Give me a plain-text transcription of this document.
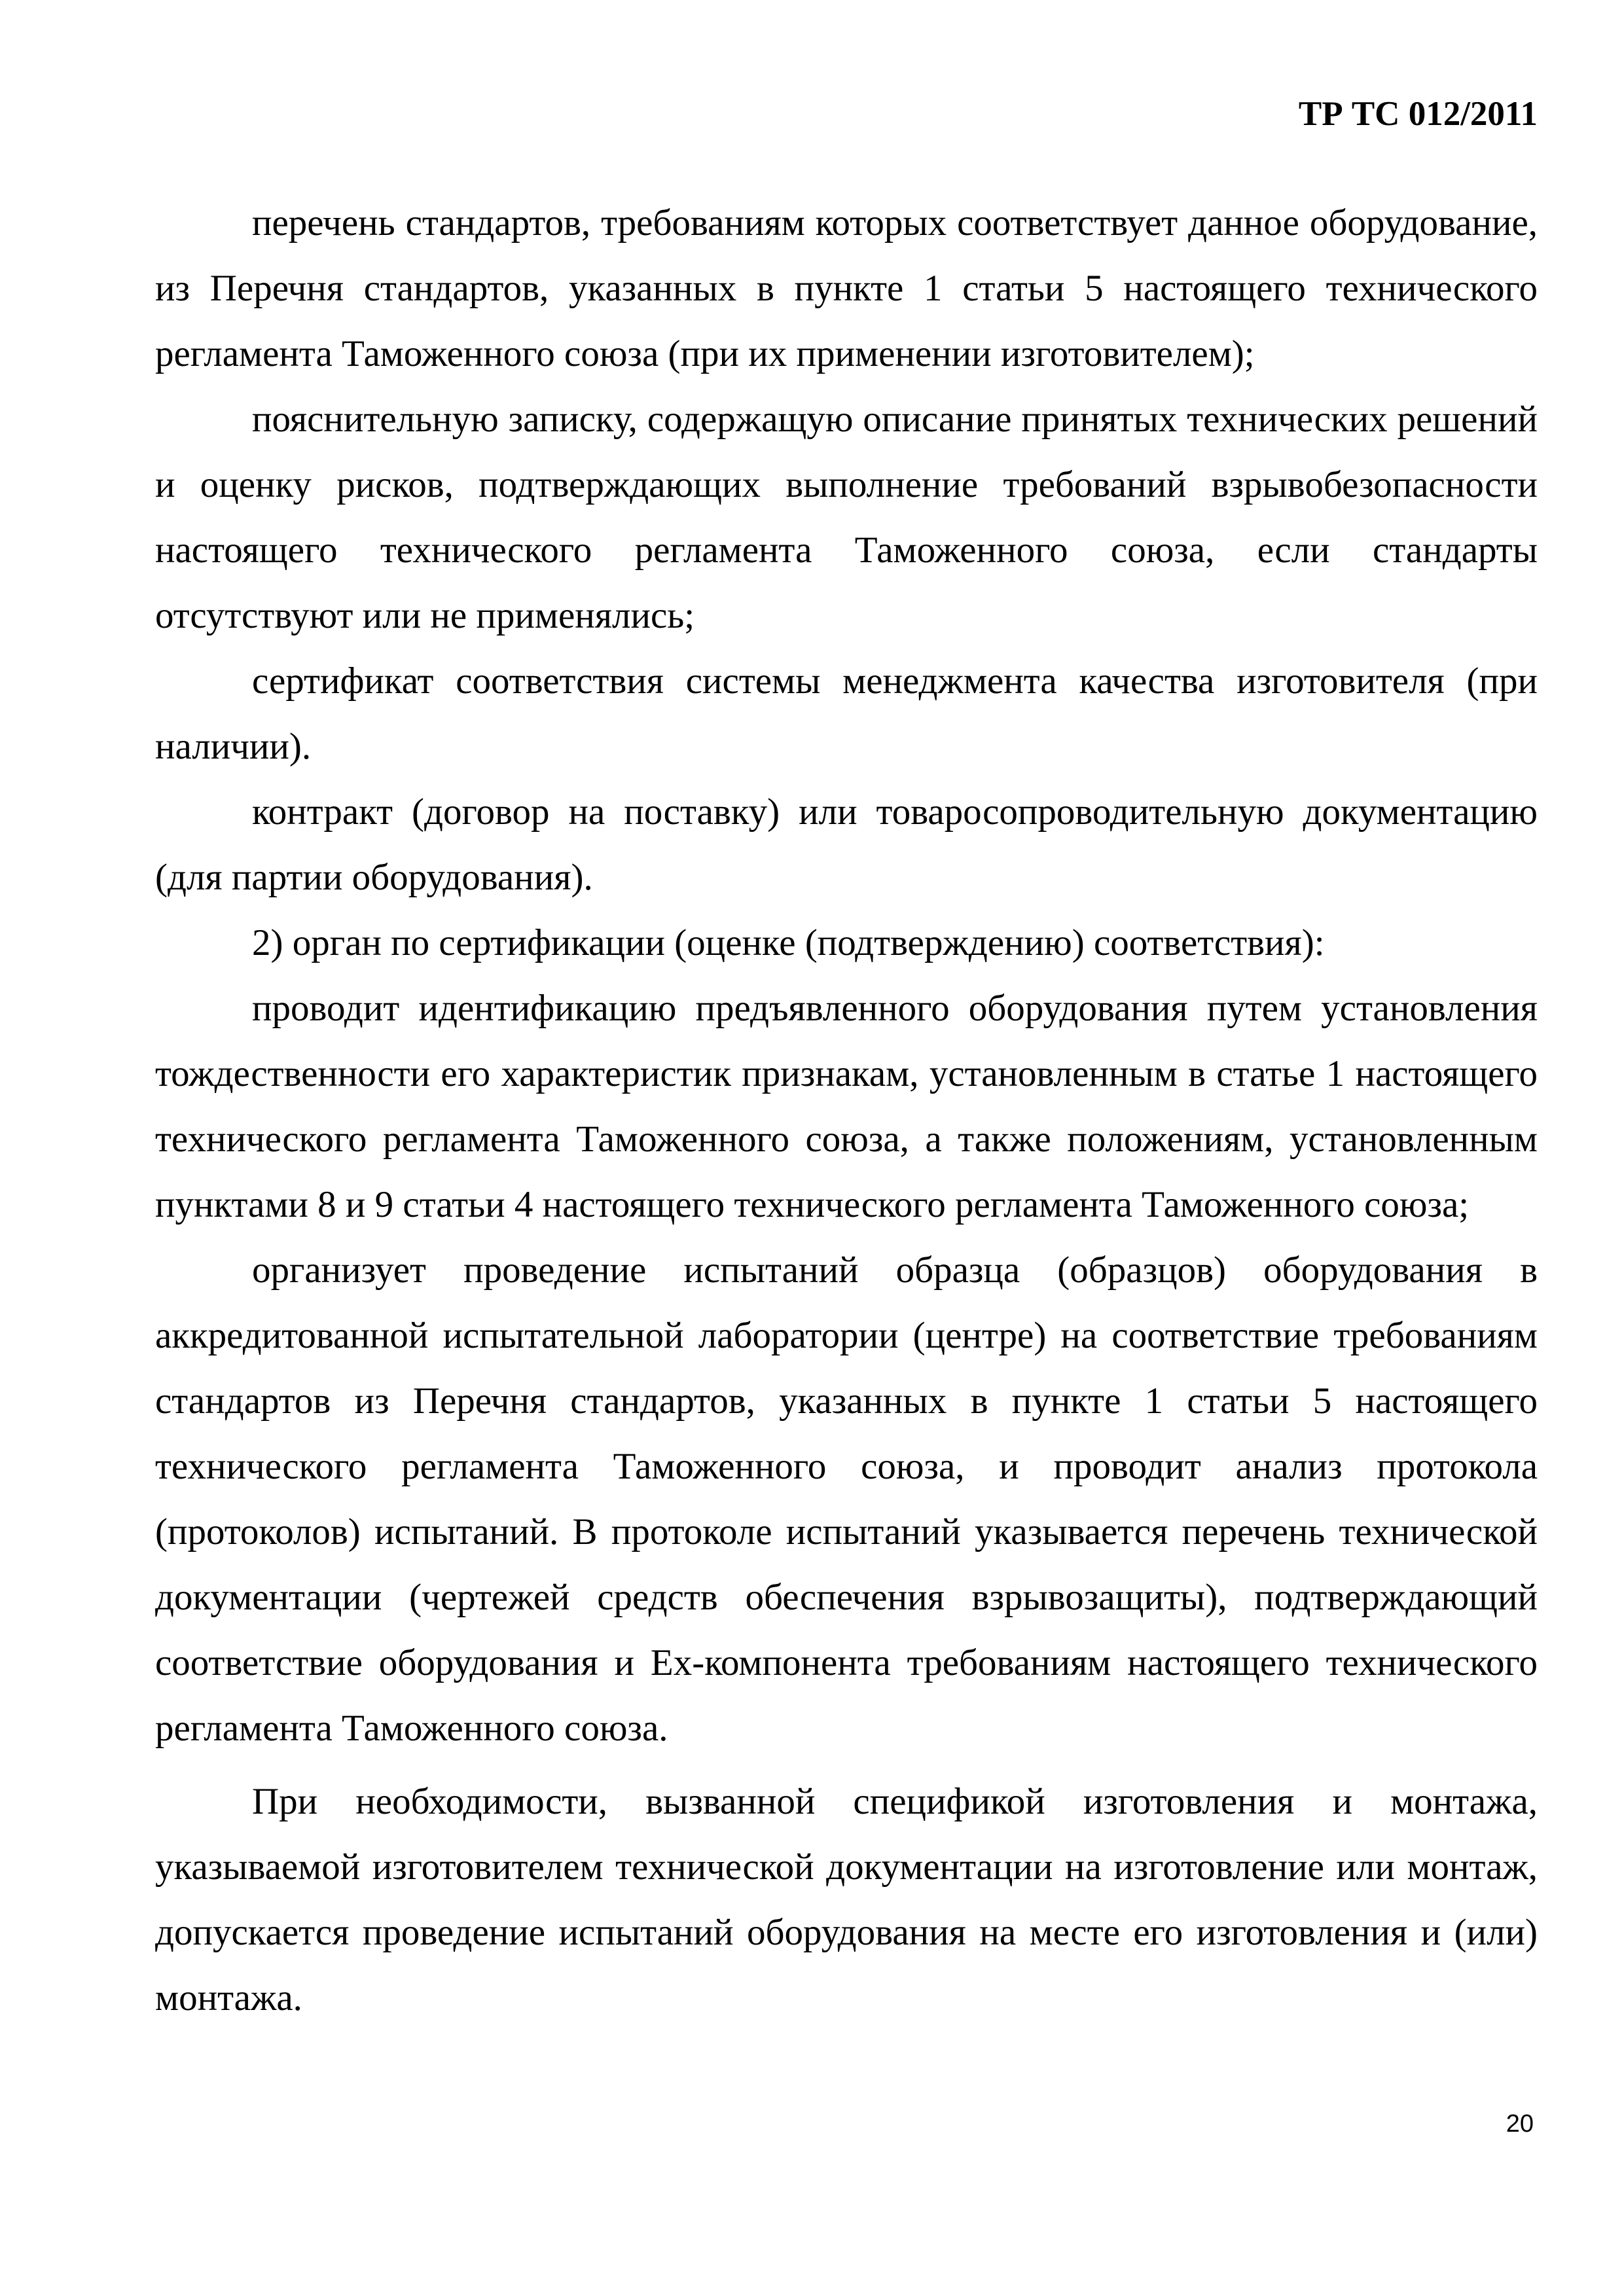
ТР ТС 012/2011

перечень стандартов, требованиям которых соответствует данное оборудование, из Перечня стандартов, указанных в пункте 1 статьи 5 настоящего технического регламента Таможенного союза (при их применении изготовителем);

пояснительную записку, содержащую описание принятых технических решений и оценку рисков, подтверждающих выполнение требований взрывобезопасности настоящего технического регламента Таможенного союза, если стандарты отсутствуют или не применялись;

сертификат соответствия системы менеджмента качества изготовителя (при наличии).

контракт (договор на поставку) или товаросопроводительную документацию (для партии оборудования).

2) орган по сертификации (оценке (подтверждению) соответствия):

проводит идентификацию предъявленного оборудования путем установления тождественности его характеристик признакам, установленным в статье 1 настоящего технического регламента Таможенного союза, а также положениям, установленным пунктами 8 и 9 статьи 4 настоящего технического регламента Таможенного союза;

организует проведение испытаний образца (образцов) оборудования в аккредитованной испытательной лаборатории (центре) на соответствие требованиям стандартов из Перечня стандартов, указанных в пункте 1 статьи 5 настоящего технического регламента Таможенного союза, и проводит анализ протокола (протоколов) испытаний. В протоколе испытаний указывается перечень технической документации (чертежей средств обеспечения взрывозащиты), подтверждающий соответствие оборудования и Ex-компонента требованиям настоящего технического регламента Таможенного союза.

При необходимости, вызванной спецификой изготовления и монтажа, указываемой изготовителем технической документации на изготовление или монтаж, допускается проведение испытаний оборудования на месте его изготовления и (или) монтажа.

20
